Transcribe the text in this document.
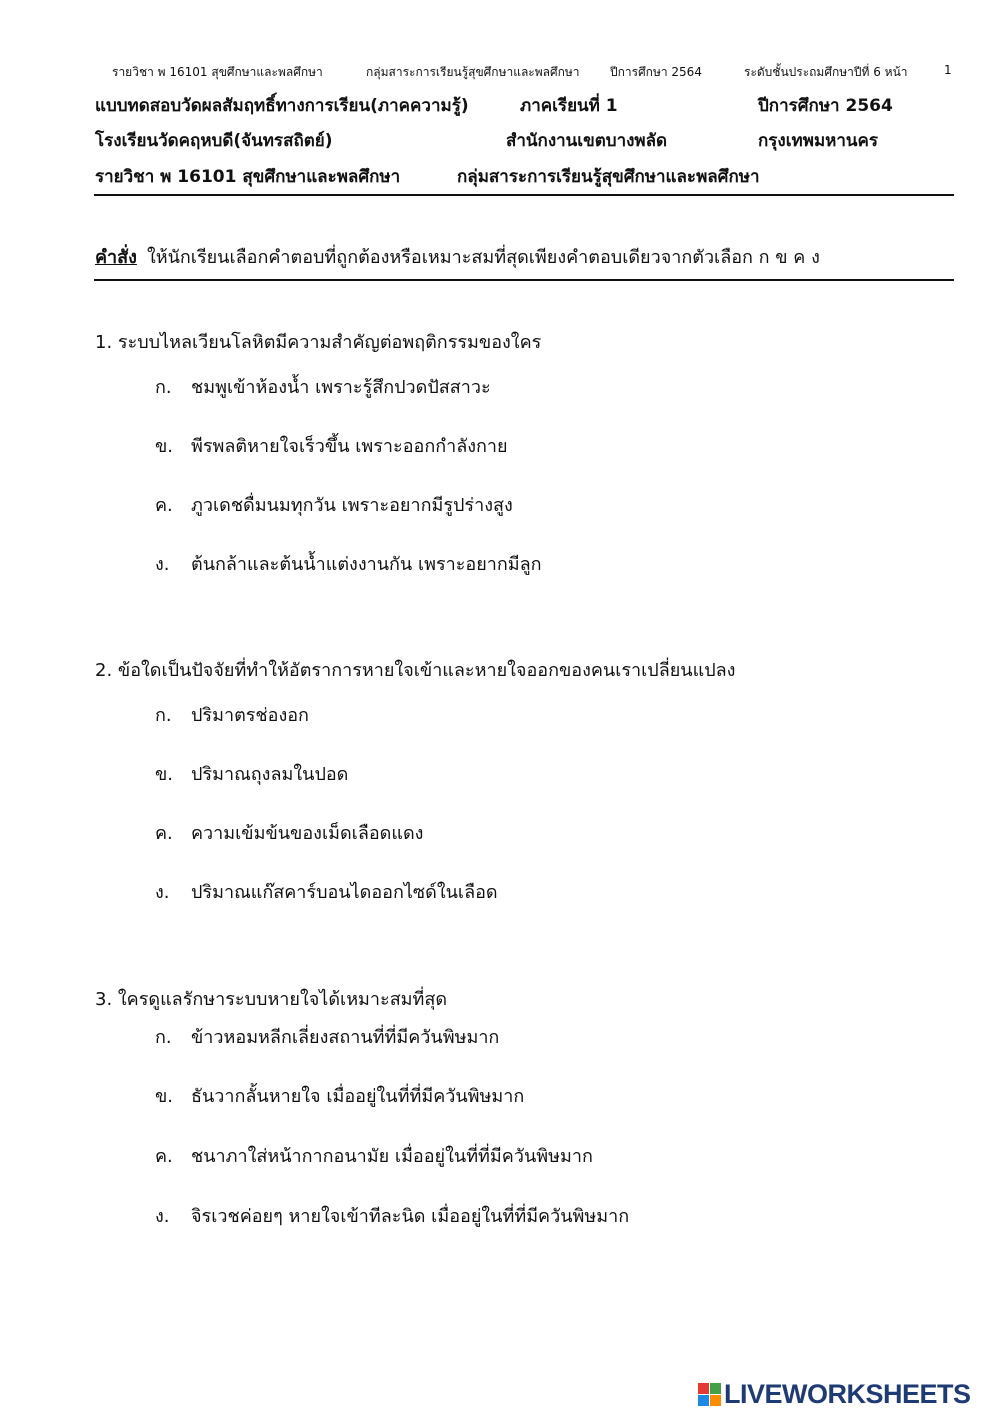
รายวิชา พ 16101 สุขศึกษาและพลศึกษา	กลุ่มสาระการเรียนรู้สุขศึกษาและพลศึกษา	ปีการศึกษา 2564	ระดับชั้นประถมศึกษาปีที่ 6 หน้า	1
แบบทดสอบวัดผลสัมฤทธิ์ทางการเรียน(ภาคความรู้)	ภาคเรียนที่ 1	ปีการศึกษา 2564
โรงเรียนวัดคฤหบดี(จันทรสถิตย์)	สำนักงานเขตบางพลัด	กรุงเทพมหานคร
รายวิชา พ 16101 สุขศึกษาและพลศึกษา	กลุ่มสาระการเรียนรู้สุขศึกษาและพลศึกษา
คำสั่ง ให้นักเรียนเลือกคำตอบที่ถูกต้องหรือเหมาะสมที่สุดเพียงคำตอบเดียวจากตัวเลือก ก ข ค ง
1. ระบบไหลเวียนโลหิตมีความสำคัญต่อพฤติกรรมของใคร
ก. ชมพูเข้าห้องน้ำ เพราะรู้สึกปวดปัสสาวะ
ข. พีรพลติหายใจเร็วขึ้น เพราะออกกำลังกาย
ค. ภูวเดชดื่มนมทุกวัน เพราะอยากมีรูปร่างสูง
ง. ต้นกล้าและต้นน้ำแต่งงานกัน เพราะอยากมีลูก
2. ข้อใดเป็นปัจจัยที่ทำให้อัตราการหายใจเข้าและหายใจออกของคนเราเปลี่ยนแปลง
ก. ปริมาตรช่องอก
ข. ปริมาณถุงลมในปอด
ค. ความเข้มข้นของเม็ดเลือดแดง
ง. ปริมาณแก๊สคาร์บอนไดออกไซด์ในเลือด
3. ใครดูแลรักษาระบบหายใจได้เหมาะสมที่สุด
ก. ข้าวหอมหลีกเลี่ยงสถานที่ที่มีควันพิษมาก
ข. ธันวากลั้นหายใจ เมื่ออยู่ในที่ที่มีควันพิษมาก
ค. ชนาภาใส่หน้ากากอนามัย เมื่ออยู่ในที่ที่มีควันพิษมาก
ง. จิรเวชค่อยๆ หายใจเข้าทีละนิด เมื่ออยู่ในที่ที่มีควันพิษมาก
LIVEWORKSHEETS
